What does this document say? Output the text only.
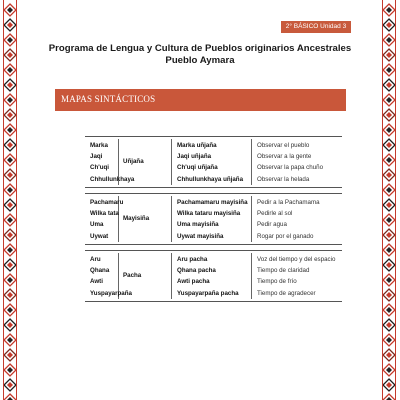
2° BÁSICO Unidad 3
Programa de Lengua y Cultura de Pueblos originarios Ancestrales
Pueblo Aymara
MAPAS SINTÁCTICOS
Marka
Jaqi
Ch'uqi
Chhullunkhaya
Uñjaña
Marka uñjaña
Jaqi uñjaña
Ch'uqi uñjaña
Chhullunkhaya uñjaña
Observar el pueblo
Observar a la gente
Observar la papa chuño
Observar la helada
Pachamaru
Wilka tata
Uma
Uywat
Mayisiña
Pachamamaru mayisiña
Wilka tataru mayisiña
Uma mayisiña
Uywat mayisiña
Pedir a la Pachamama
Pedirle al sol
Pedir agua
Rogar por el ganado
Aru
Qhana
Awti
Yuspayarpaña
Pacha
Aru pacha
Qhana pacha
Awti pacha
Yuspayarpaña pacha
Voz del tiempo y del espacio
Tiempo de claridad
Tiempo de frío
Tiempo de agradecer
